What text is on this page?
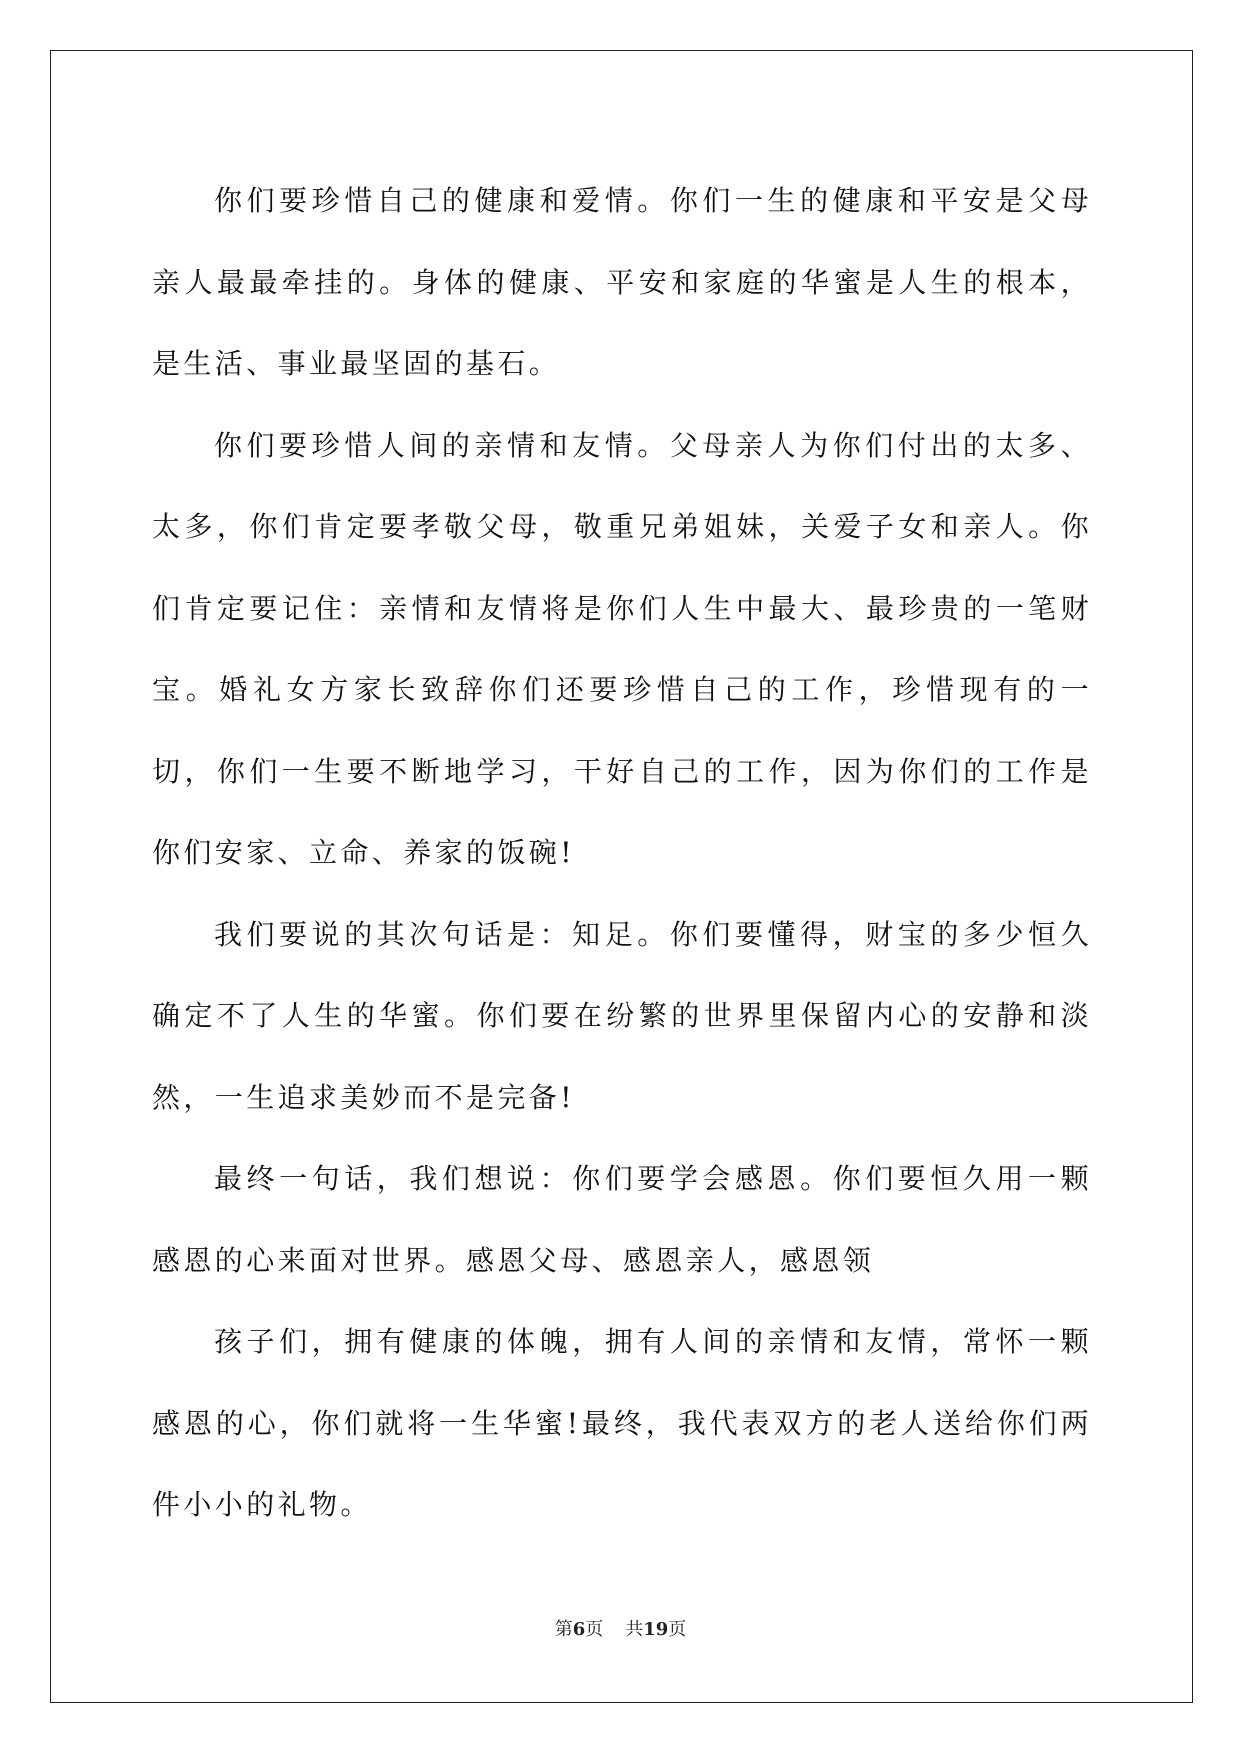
你们要珍惜自己的健康和爱情。你们一生的健康和平安是父母亲人最最牵挂的。身体的健康、平安和家庭的华蜜是人生的根本，是生活、事业最坚固的基石。

你们要珍惜人间的亲情和友情。父母亲人为你们付出的太多、太多，你们肯定要孝敬父母，敬重兄弟姐妹，关爱子女和亲人。你们肯定要记住：亲情和友情将是你们人生中最大、最珍贵的一笔财宝。婚礼女方家长致辞你们还要珍惜自己的工作，珍惜现有的一切，你们一生要不断地学习，干好自己的工作，因为你们的工作是你们安家、立命、养家的饭碗!

我们要说的其次句话是：知足。你们要懂得，财宝的多少恒久确定不了人生的华蜜。你们要在纷繁的世界里保留内心的安静和淡然，一生追求美妙而不是完备!

最终一句话，我们想说：你们要学会感恩。你们要恒久用一颗感恩的心来面对世界。感恩父母、感恩亲人，感恩领

孩子们，拥有健康的体魄，拥有人间的亲情和友情，常怀一颗感恩的心，你们就将一生华蜜!最终，我代表双方的老人送给你们两件小小的礼物。

第6页 共19页
